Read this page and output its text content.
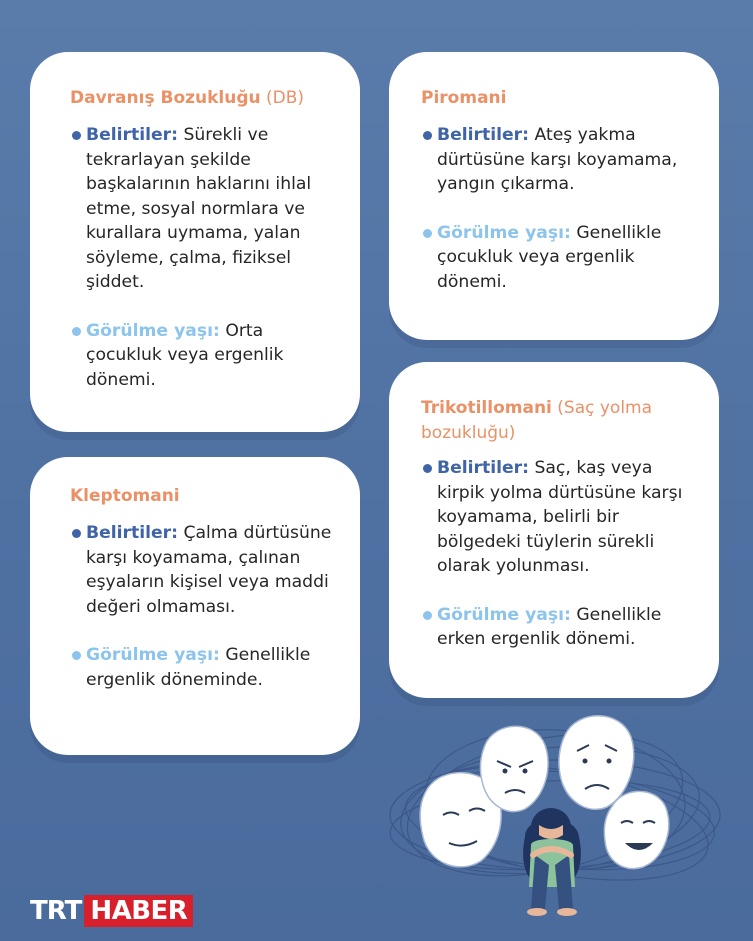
Davranış Bozukluğu (DB)
Belirtiler: Sürekli ve tekrarlayan şekilde başkalarının haklarını ihlal etme, sosyal normlara ve kurallara uymama, yalan söyleme, çalma, fiziksel şiddet.
Görülme yaşı: Orta çocukluk veya ergenlik dönemi.
Piromani
Belirtiler: Ateş yakma dürtüsüne karşı koyamama, yangın çıkarma.
Görülme yaşı: Genellikle çocukluk veya ergenlik dönemi.
Kleptomani
Belirtiler: Çalma dürtüsüne karşı koyamama, çalınan eşyaların kişisel veya maddi değeri olmaması.
Görülme yaşı: Genellikle ergenlik döneminde.
Trikotillomani (Saç yolma bozukluğu)
Belirtiler: Saç, kaş veya kirpik yolma dürtüsüne karşı koyamama, belirli bir bölgedeki tüylerin sürekli olarak yolunması.
Görülme yaşı: Genellikle erken ergenlik dönemi.
TRT HABER
